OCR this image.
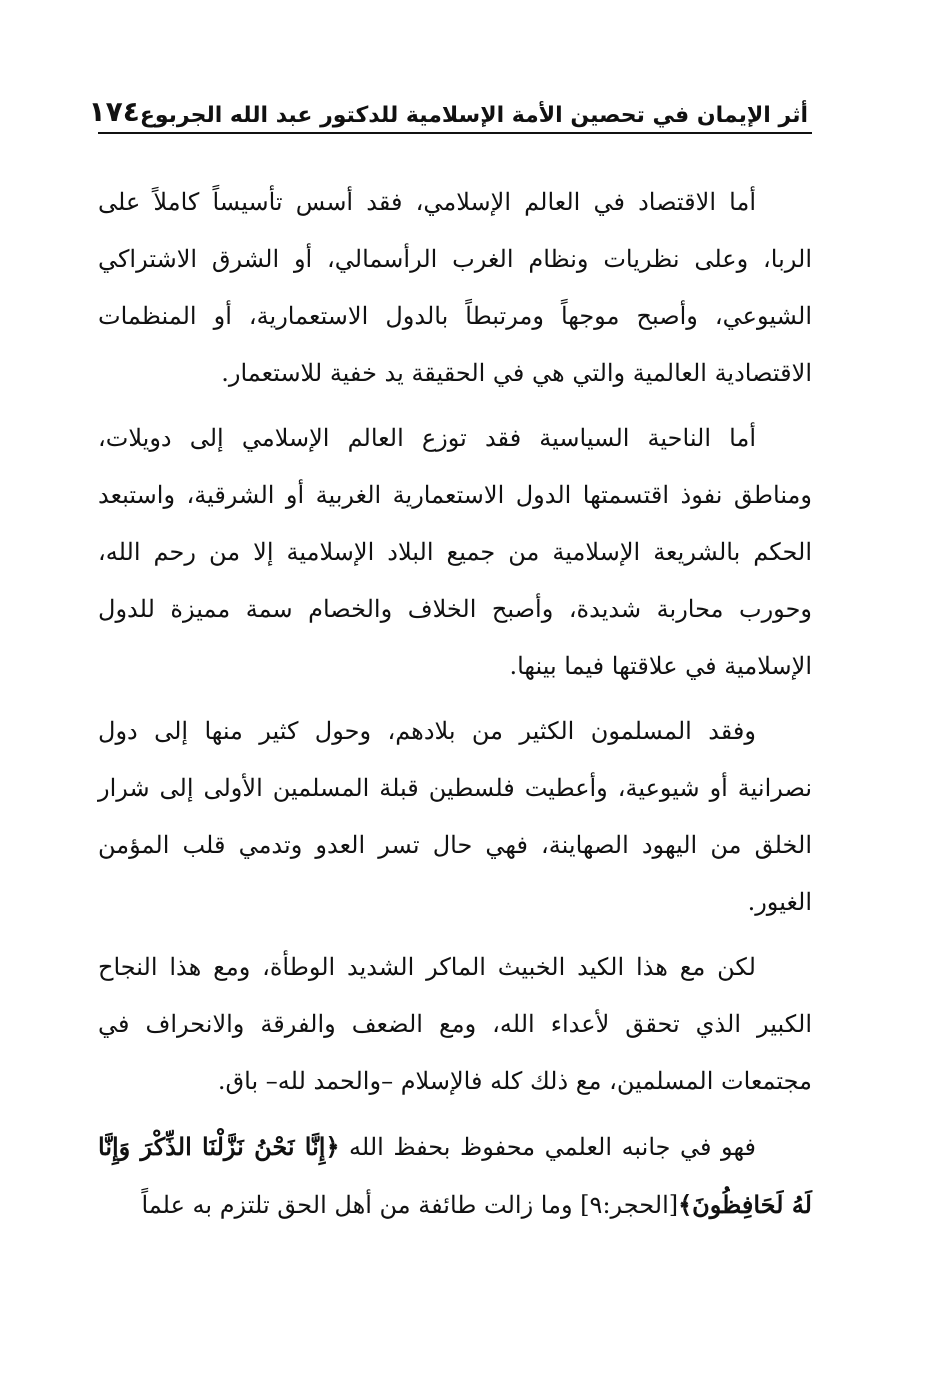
أثر الإيمان في تحصين الأمة الإسلامية للدكتور عبد الله الجربوع
١٧٤

أما الاقتصاد في العالم الإسلامي، فقد أسس تأسيساً كاملاً على الربا، وعلى نظريات ونظام الغرب الرأسمالي، أو الشرق الاشتراكي الشيوعي، وأصبح موجهاً ومرتبطاً بالدول الاستعمارية، أو المنظمات الاقتصادية العالمية والتي هي في الحقيقة يد خفية للاستعمار.

أما الناحية السياسية فقد توزع العالم الإسلامي إلى دويلات، ومناطق نفوذ اقتسمتها الدول الاستعمارية الغربية أو الشرقية، واستبعد الحكم بالشريعة الإسلامية من جميع البلاد الإسلامية إلا من رحم الله، وحورب محاربة شديدة، وأصبح الخلاف والخصام سمة مميزة للدول الإسلامية في علاقتها فيما بينها.

وفقد المسلمون الكثير من بلادهم، وحول كثير منها إلى دول نصرانية أو شيوعية، وأعطيت فلسطين قبلة المسلمين الأولى إلى شرار الخلق من اليهود الصهاينة، فهي حال تسر العدو وتدمي قلب المؤمن الغيور.

لكن مع هذا الكيد الخبيث الماكر الشديد الوطأة، ومع هذا النجاح الكبير الذي تحقق لأعداء الله، ومع الضعف والفرقة والانحراف في مجتمعات المسلمين، مع ذلك كله فالإسلام –والحمد لله– باق.

فهو في جانبه العلمي محفوظ بحفظ الله ﴿إِنَّا نَحْنُ نَزَّلْنَا الذِّكْرَ وَإِنَّا لَهُ لَحَافِظُونَ﴾[الحجر:٩] وما زالت طائفة من أهل الحق تلتزم به علماً
